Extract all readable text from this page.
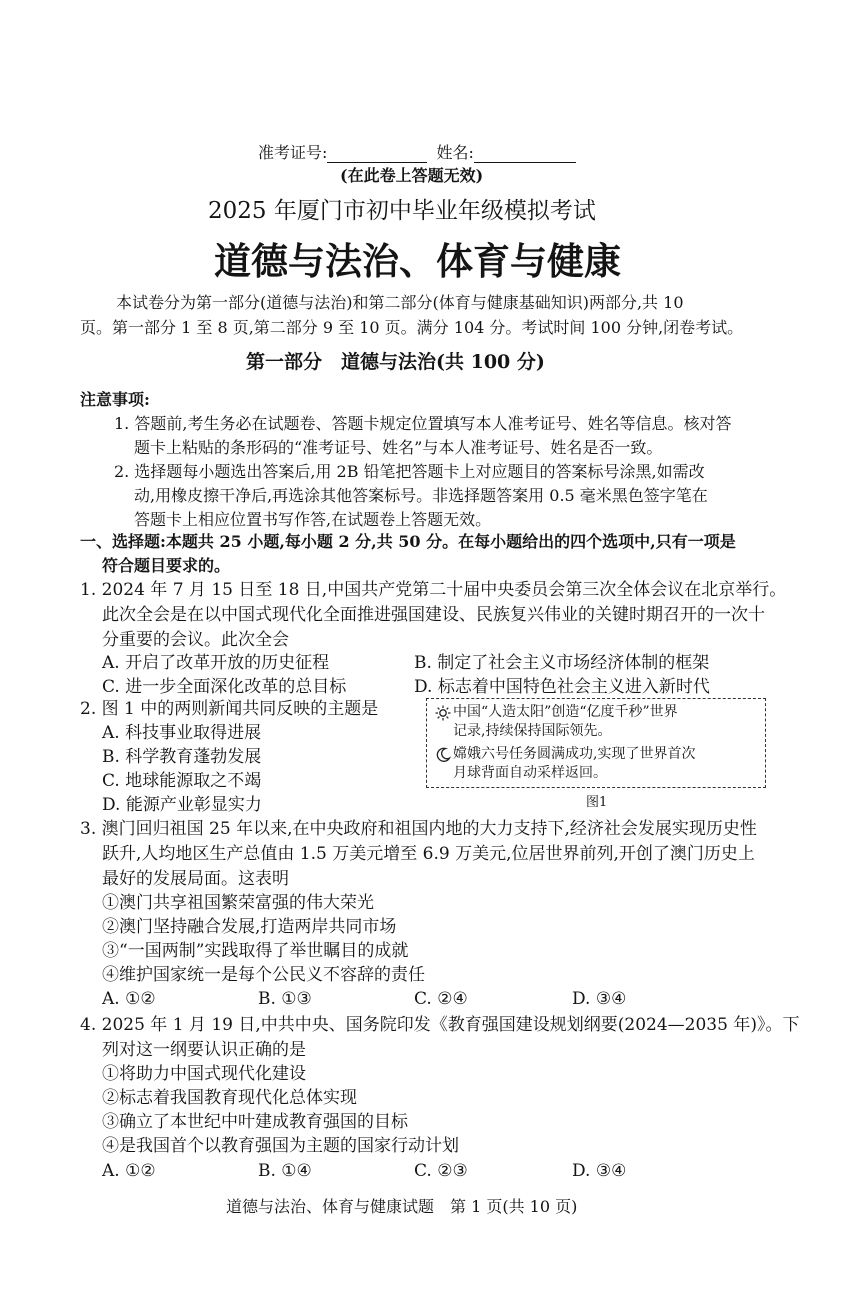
准考证号:	姓名:
(在此卷上答题无效)
2025 年厦门市初中毕业年级模拟考试
道德与法治、体育与健康
本试卷分为第一部分(道德与法治)和第二部分(体育与健康基础知识)两部分,共 10
页。第一部分 1 至 8 页,第二部分 9 至 10 页。满分 104 分。考试时间 100 分钟,闭卷考试。
第一部分　道德与法治(共 100 分)
注意事项:
1. 答题前,考生务必在试题卷、答题卡规定位置填写本人准考证号、姓名等信息。核对答
题卡上粘贴的条形码的“准考证号、姓名”与本人准考证号、姓名是否一致。
2. 选择题每小题选出答案后,用 2B 铅笔把答题卡上对应题目的答案标号涂黑,如需改
动,用橡皮擦干净后,再选涂其他答案标号。非选择题答案用 0.5 毫米黑色签字笔在
答题卡上相应位置书写作答,在试题卷上答题无效。
一、选择题:本题共 25 小题,每小题 2 分,共 50 分。在每小题给出的四个选项中,只有一项是
符合题目要求的。
1. 2024 年 7 月 15 日至 18 日,中国共产党第二十届中央委员会第三次全体会议在北京举行。
此次全会是在以中国式现代化全面推进强国建设、民族复兴伟业的关键时期召开的一次十
分重要的会议。此次全会
A. 开启了改革开放的历史征程	B. 制定了社会主义市场经济体制的框架
C. 进一步全面深化改革的总目标	D. 标志着中国特色社会主义进入新时代
2. 图 1 中的两则新闻共同反映的主题是
A. 科技事业取得进展
B. 科学教育蓬勃发展
C. 地球能源取之不竭
D. 能源产业彰显实力
中国“人造太阳”创造“亿度千秒”世界
记录,持续保持国际领先。
嫦娥六号任务圆满成功,实现了世界首次
月球背面自动采样返回。
图1
3. 澳门回归祖国 25 年以来,在中央政府和祖国内地的大力支持下,经济社会发展实现历史性
跃升,人均地区生产总值由 1.5 万美元增至 6.9 万美元,位居世界前列,开创了澳门历史上
最好的发展局面。这表明
①澳门共享祖国繁荣富强的伟大荣光
②澳门坚持融合发展,打造两岸共同市场
③“一国两制”实践取得了举世瞩目的成就
④维护国家统一是每个公民义不容辞的责任
A. ①②	B. ①③	C. ②④	D. ③④
4. 2025 年 1 月 19 日,中共中央、国务院印发《教育强国建设规划纲要(2024—2035 年)》。下
列对这一纲要认识正确的是
①将助力中国式现代化建设
②标志着我国教育现代化总体实现
③确立了本世纪中叶建成教育强国的目标
④是我国首个以教育强国为主题的国家行动计划
A. ①②	B. ①④	C. ②③	D. ③④
道德与法治、体育与健康试题　第 1 页(共 10 页)
